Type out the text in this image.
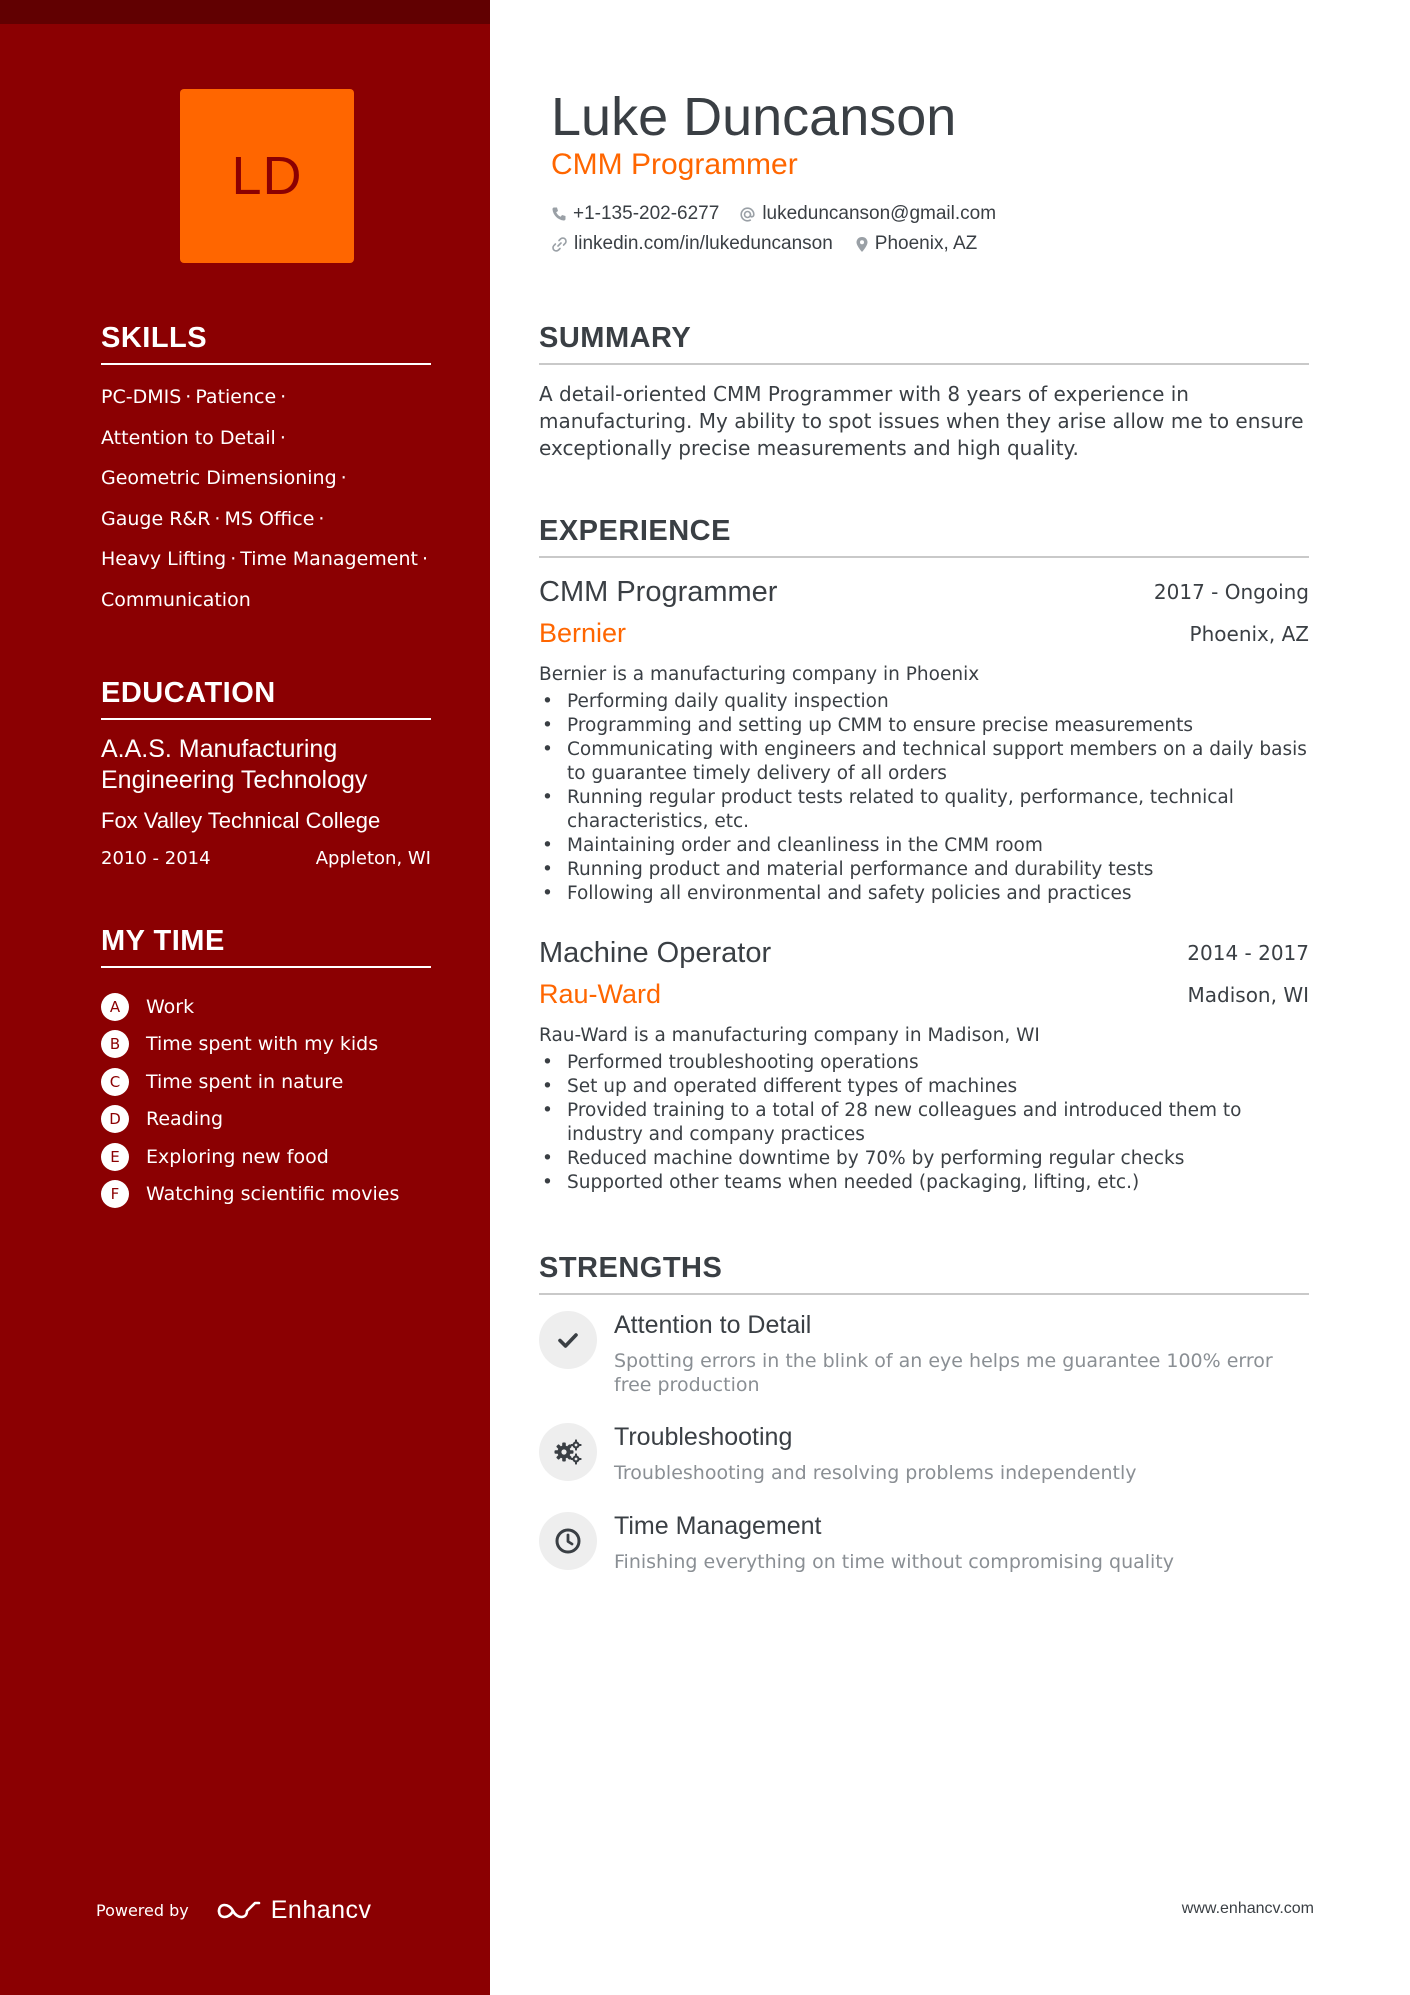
LD
SKILLS
PC-DMIS · Patience ·
Attention to Detail ·
Geometric Dimensioning ·
Gauge R&R · MS Office ·
Heavy Lifting · Time Management ·
Communication
EDUCATION
A.A.S. Manufacturing Engineering Technology
Fox Valley Technical College
2010 - 2014	Appleton, WI
MY TIME
A	Work
B	Time spent with my kids
C	Time spent in nature
D	Reading
E	Exploring new food
F	Watching scientific movies
Powered by	Enhancv
Luke Duncanson
CMM Programmer
+1-135-202-6277 lukeduncanson@gmail.com
linkedin.com/in/lukeduncanson Phoenix, AZ
SUMMARY
A detail-oriented CMM Programmer with 8 years of experience in manufacturing. My ability to spot issues when they arise allow me to ensure exceptionally precise measurements and high quality.
EXPERIENCE
CMM Programmer	2017 - Ongoing
Bernier	Phoenix, AZ
Bernier is a manufacturing company in Phoenix
• Performing daily quality inspection
• Programming and setting up CMM to ensure precise measurements
• Communicating with engineers and technical support members on a daily basis to guarantee timely delivery of all orders
• Running regular product tests related to quality, performance, technical characteristics, etc.
• Maintaining order and cleanliness in the CMM room
• Running product and material performance and durability tests
• Following all environmental and safety policies and practices
Machine Operator	2014 - 2017
Rau-Ward	Madison, WI
Rau-Ward is a manufacturing company in Madison, WI
• Performed troubleshooting operations
• Set up and operated different types of machines
• Provided training to a total of 28 new colleagues and introduced them to industry and company practices
• Reduced machine downtime by 70% by performing regular checks
• Supported other teams when needed (packaging, lifting, etc.)
STRENGTHS
Attention to Detail
Spotting errors in the blink of an eye helps me guarantee 100% error free production
Troubleshooting
Troubleshooting and resolving problems independently
Time Management
Finishing everything on time without compromising quality
www.enhancv.com
